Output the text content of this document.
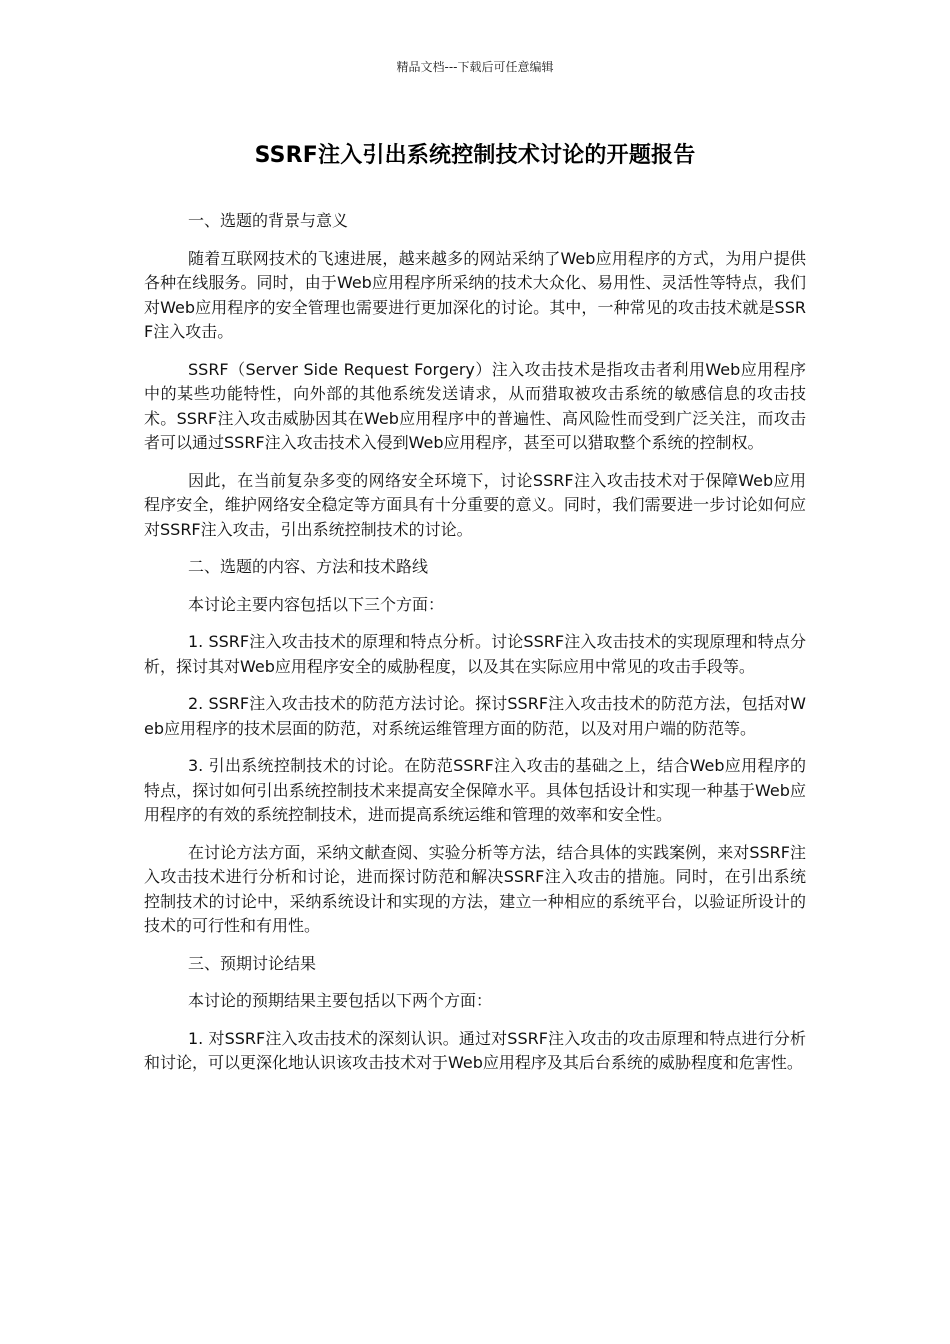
精品文档---下载后可任意编辑
SSRF注入引出系统控制技术讨论的开题报告

一、选题的背景与意义

随着互联网技术的飞速进展，越来越多的网站采纳了Web应用程序的方式，为用户提供各种在线服务。同时，由于Web应用程序所采纳的技术大众化、易用性、灵活性等特点，我们对Web应用程序的安全管理也需要进行更加深化的讨论。其中，一种常见的攻击技术就是SSRF注入攻击。

SSRF（Server Side Request Forgery）注入攻击技术是指攻击者利用Web应用程序中的某些功能特性，向外部的其他系统发送请求，从而猎取被攻击系统的敏感信息的攻击技术。SSRF注入攻击威胁因其在Web应用程序中的普遍性、高风险性而受到广泛关注，而攻击者可以通过SSRF注入攻击技术入侵到Web应用程序，甚至可以猎取整个系统的控制权。

因此，在当前复杂多变的网络安全环境下，讨论SSRF注入攻击技术对于保障Web应用程序安全，维护网络安全稳定等方面具有十分重要的意义。同时，我们需要进一步讨论如何应对SSRF注入攻击，引出系统控制技术的讨论。

二、选题的内容、方法和技术路线

本讨论主要内容包括以下三个方面：

1. SSRF注入攻击技术的原理和特点分析。讨论SSRF注入攻击技术的实现原理和特点分析，探讨其对Web应用程序安全的威胁程度，以及其在实际应用中常见的攻击手段等。

2. SSRF注入攻击技术的防范方法讨论。探讨SSRF注入攻击技术的防范方法，包括对Web应用程序的技术层面的防范，对系统运维管理方面的防范，以及对用户端的防范等。

3. 引出系统控制技术的讨论。在防范SSRF注入攻击的基础之上，结合Web应用程序的特点，探讨如何引出系统控制技术来提高安全保障水平。具体包括设计和实现一种基于Web应用程序的有效的系统控制技术，进而提高系统运维和管理的效率和安全性。

在讨论方法方面，采纳文献查阅、实验分析等方法，结合具体的实践案例，来对SSRF注入攻击技术进行分析和讨论，进而探讨防范和解决SSRF注入攻击的措施。同时，在引出系统控制技术的讨论中，采纳系统设计和实现的方法，建立一种相应的系统平台，以验证所设计的技术的可行性和有用性。

三、预期讨论结果

本讨论的预期结果主要包括以下两个方面：

1. 对SSRF注入攻击技术的深刻认识。通过对SSRF注入攻击的攻击原理和特点进行分析和讨论，可以更深化地认识该攻击技术对于Web应用程序及其后台系统的威胁程度和危害性。
